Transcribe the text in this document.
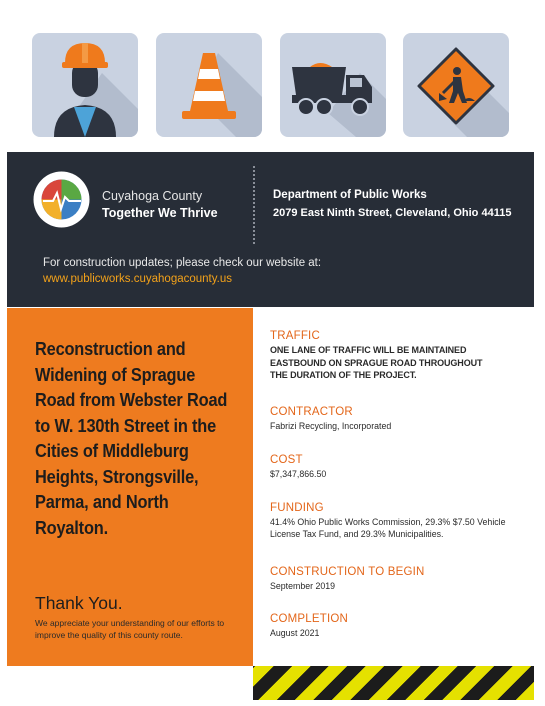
Cuyahoga County
Together We Thrive
Department of Public Works
2079 East Ninth Street, Cleveland, Ohio 44115
For construction updates; please check our website at:
www.publicworks.cuyahogacounty.us
Reconstruction and Widening of Sprague Road from Webster Road to W. 130th Street in the Cities of Middleburg Heights, Strongsville, Parma, and North Royalton.
Thank You.
We appreciate your understanding of our efforts to improve the quality of this county route.
TRAFFIC
ONE LANE OF TRAFFIC WILL BE MAINTAINED EASTBOUND ON SPRAGUE ROAD THROUGHOUT THE DURATION OF THE PROJECT.
CONTRACTOR
Fabrizi Recycling, Incorporated
COST
$7,347,866.50
FUNDING
41.4% Ohio Public Works Commission, 29.3% $7.50 Vehicle License Tax Fund, and 29.3% Municipalities.
CONSTRUCTION TO BEGIN
September 2019
COMPLETION
August 2021
